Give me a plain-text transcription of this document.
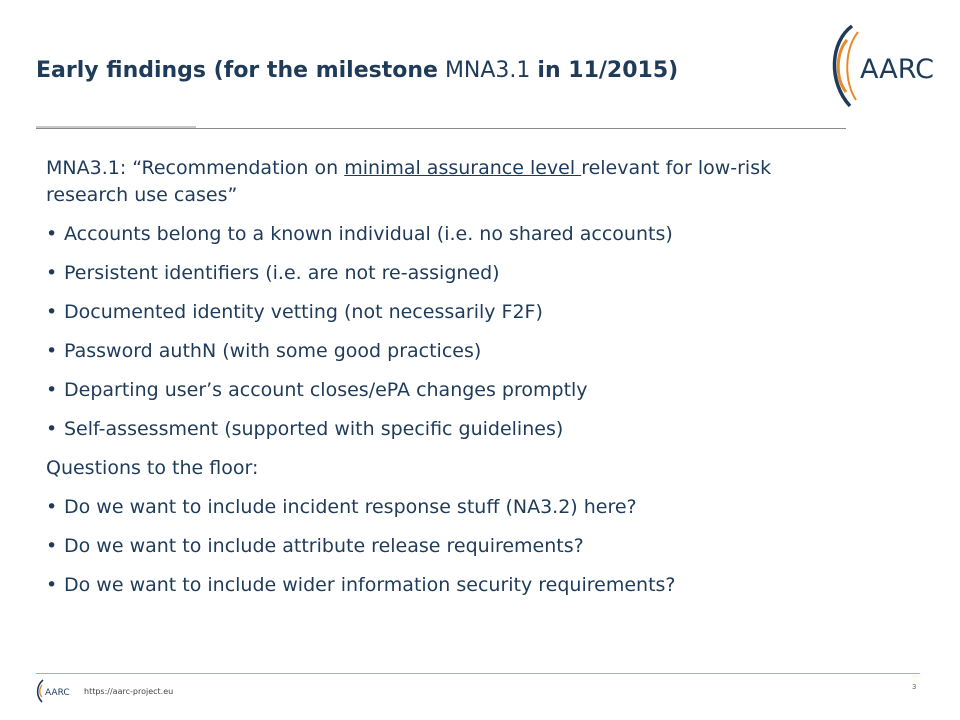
Early findings (for the milestone MNA3.1 in 11/2015)	AARC

MNA3.1: “Recommendation on minimal assurance level relevant for low-risk research use cases”

• Accounts belong to a known individual (i.e. no shared accounts)
• Persistent identifiers (i.e. are not re-assigned)
• Documented identity vetting (not necessarily F2F)
• Password authN (with some good practices)
• Departing user’s account closes/ePA changes promptly
• Self-assessment (supported with specific guidelines)

Questions to the floor:

• Do we want to include incident response stuff (NA3.2) here?
• Do we want to include attribute release requirements?
• Do we want to include wider information security requirements?
AARC https://aarc-project.eu	3
